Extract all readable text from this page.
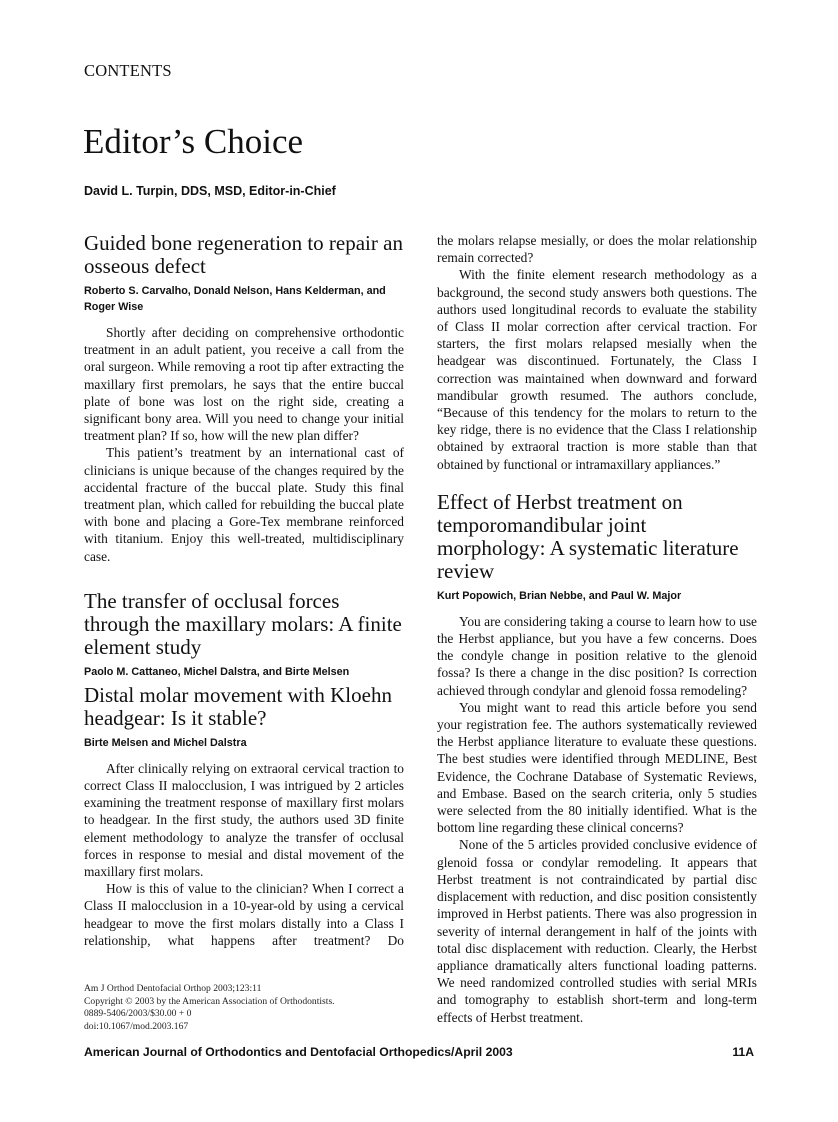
CONTENTS
Editor’s Choice
David L. Turpin, DDS, MSD, Editor-in-Chief
Guided bone regeneration to repair an osseous defect
Roberto S. Carvalho, Donald Nelson, Hans Kelderman, and Roger Wise

Shortly after deciding on comprehensive orthodontic treatment in an adult patient, you receive a call from the oral surgeon. While removing a root tip after extracting the maxillary first premolars, he says that the entire buccal plate of bone was lost on the right side, creating a significant bony area. Will you need to change your initial treatment plan? If so, how will the new plan differ?

This patient’s treatment by an international cast of clinicians is unique because of the changes required by the accidental fracture of the buccal plate. Study this final treatment plan, which called for rebuilding the buccal plate with bone and placing a Gore-Tex membrane reinforced with titanium. Enjoy this well-treated, multidisciplinary case.

The transfer of occlusal forces through the maxillary molars: A finite element study
Paolo M. Cattaneo, Michel Dalstra, and Birte Melsen
Distal molar movement with Kloehn headgear: Is it stable?
Birte Melsen and Michel Dalstra

After clinically relying on extraoral cervical traction to correct Class II malocclusion, I was intrigued by 2 articles examining the treatment response of maxillary first molars to headgear. In the first study, the authors used 3D finite element methodology to analyze the transfer of occlusal forces in response to mesial and distal movement of the maxillary first molars.

How is this of value to the clinician? When I correct a Class II malocclusion in a 10-year-old by using a cervical headgear to move the first molars distally into a Class I relationship, what happens after treatment? Do

Am J Orthod Dentofacial Orthop 2003;123:11
Copyright © 2003 by the American Association of Orthodontists.
0889-5406/2003/$30.00 + 0
doi:10.1067/mod.2003.167

the molars relapse mesially, or does the molar relationship remain corrected?

With the finite element research methodology as a background, the second study answers both questions. The authors used longitudinal records to evaluate the stability of Class II molar correction after cervical traction. For starters, the first molars relapsed mesially when the headgear was discontinued. Fortunately, the Class I correction was maintained when downward and forward mandibular growth resumed. The authors conclude, “Because of this tendency for the molars to return to the key ridge, there is no evidence that the Class I relationship obtained by extraoral traction is more stable than that obtained by functional or intramaxillary appliances.”

Effect of Herbst treatment on temporomandibular joint morphology: A systematic literature review
Kurt Popowich, Brian Nebbe, and Paul W. Major

You are considering taking a course to learn how to use the Herbst appliance, but you have a few concerns. Does the condyle change in position relative to the glenoid fossa? Is there a change in the disc position? Is correction achieved through condylar and glenoid fossa remodeling?

You might want to read this article before you send your registration fee. The authors systematically reviewed the Herbst appliance literature to evaluate these questions. The best studies were identified through MEDLINE, Best Evidence, the Cochrane Database of Systematic Reviews, and Embase. Based on the search criteria, only 5 studies were selected from the 80 initially identified. What is the bottom line regarding these clinical concerns?

None of the 5 articles provided conclusive evidence of glenoid fossa or condylar remodeling. It appears that Herbst treatment is not contraindicated by partial disc displacement with reduction, and disc position consistently improved in Herbst patients. There was also progression in severity of internal derangement in half of the joints with total disc displacement with reduction. Clearly, the Herbst appliance dramatically alters functional loading patterns. We need randomized controlled studies with serial MRIs and tomography to establish short-term and long-term effects of Herbst treatment.

American Journal of Orthodontics and Dentofacial Orthopedics/April 2003	11A
